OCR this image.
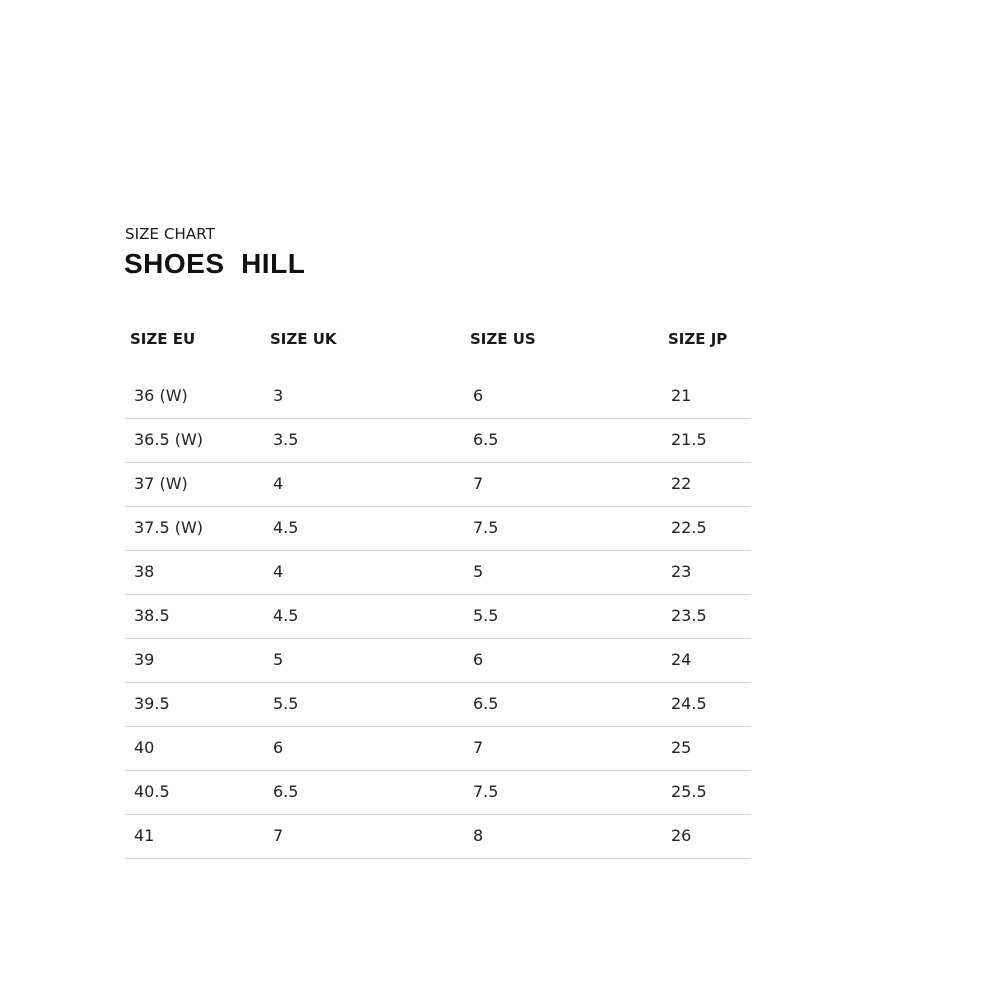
SIZE CHART
SHOES  HILL
SIZE EU	SIZE UK	SIZE US	SIZE JP
36 (W)	3	6	21
36.5 (W)	3.5	6.5	21.5
37 (W)	4	7	22
37.5 (W)	4.5	7.5	22.5
38	4	5	23
38.5	4.5	5.5	23.5
39	5	6	24
39.5	5.5	6.5	24.5
40	6	7	25
40.5	6.5	7.5	25.5
41	7	8	26
